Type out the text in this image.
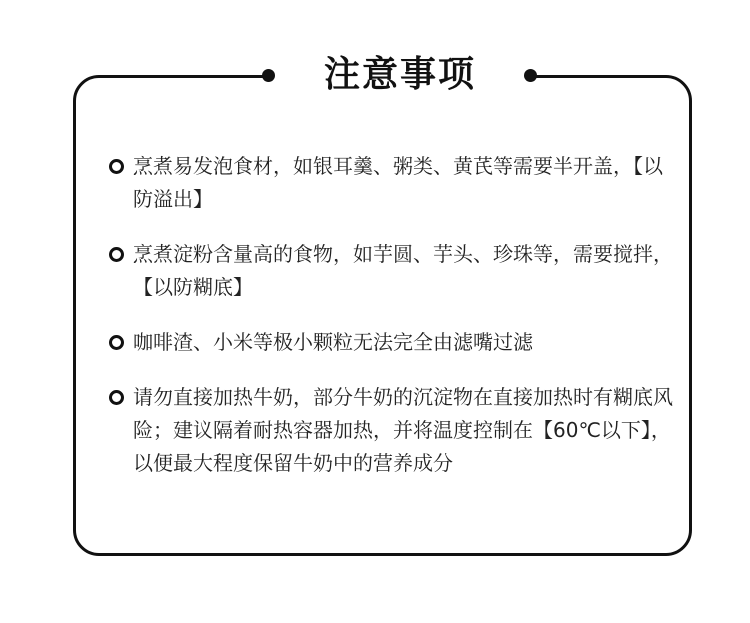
注意事项
烹煮易发泡食材，如银耳羹、粥类、黄芪等需要半开盖，【以防溢出】
烹煮淀粉含量高的食物，如芋圆、芋头、珍珠等，需要搅拌，【以防糊底】
咖啡渣、小米等极小颗粒无法完全由滤嘴过滤
请勿直接加热牛奶，部分牛奶的沉淀物在直接加热时有糊底风险；建议隔着耐热容器加热，并将温度控制在【60℃以下】，以便最大程度保留牛奶中的营养成分
